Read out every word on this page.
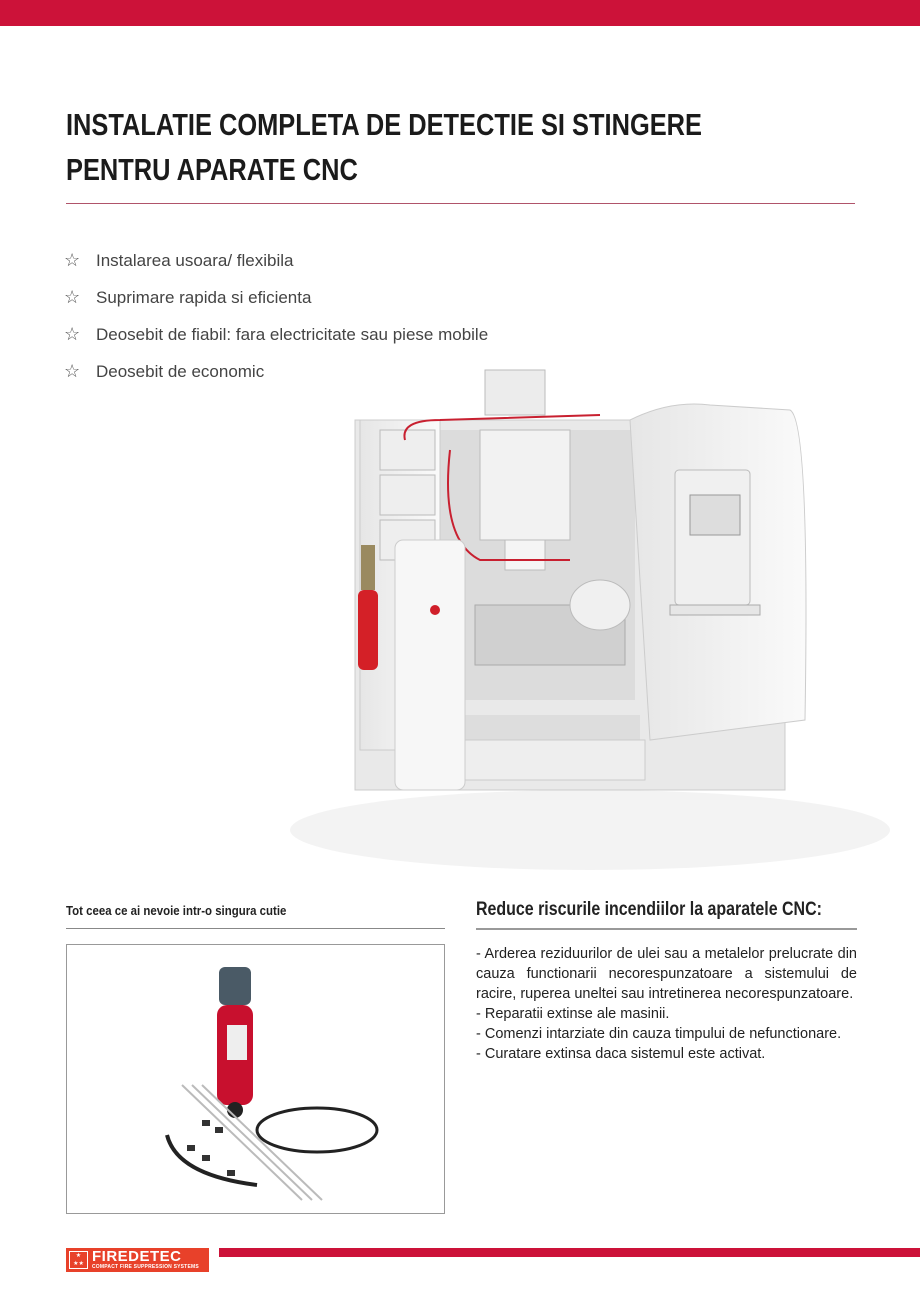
INSTALATIE COMPLETA DE DETECTIE SI STINGERE
PENTRU APARATE CNC
☆ Instalarea usoara/ flexibila
☆ Suprimare rapida si eficienta
☆ Deosebit de fiabil: fara electricitate sau piese mobile
☆ Deosebit de economic
Tot ceea ce ai nevoie intr-o singura cutie	Reduce riscurile incendiilor la aparatele CNC:

- Arderea reziduurilor de ulei sau a metalelor prelucrate din cauza functionarii necorespunzatoare a sistemului de racire, ruperea uneltei sau intretinerea necorespunzatoare.

- Reparatii extinse ale masinii.

- Comenzi intarziate din cauza timpului de nefunctionare.

- Curatare extinsa daca sistemul este activat.

★
★★ FIREDETEC
COMPACT FIRE SUPPRESSION SYSTEMS
